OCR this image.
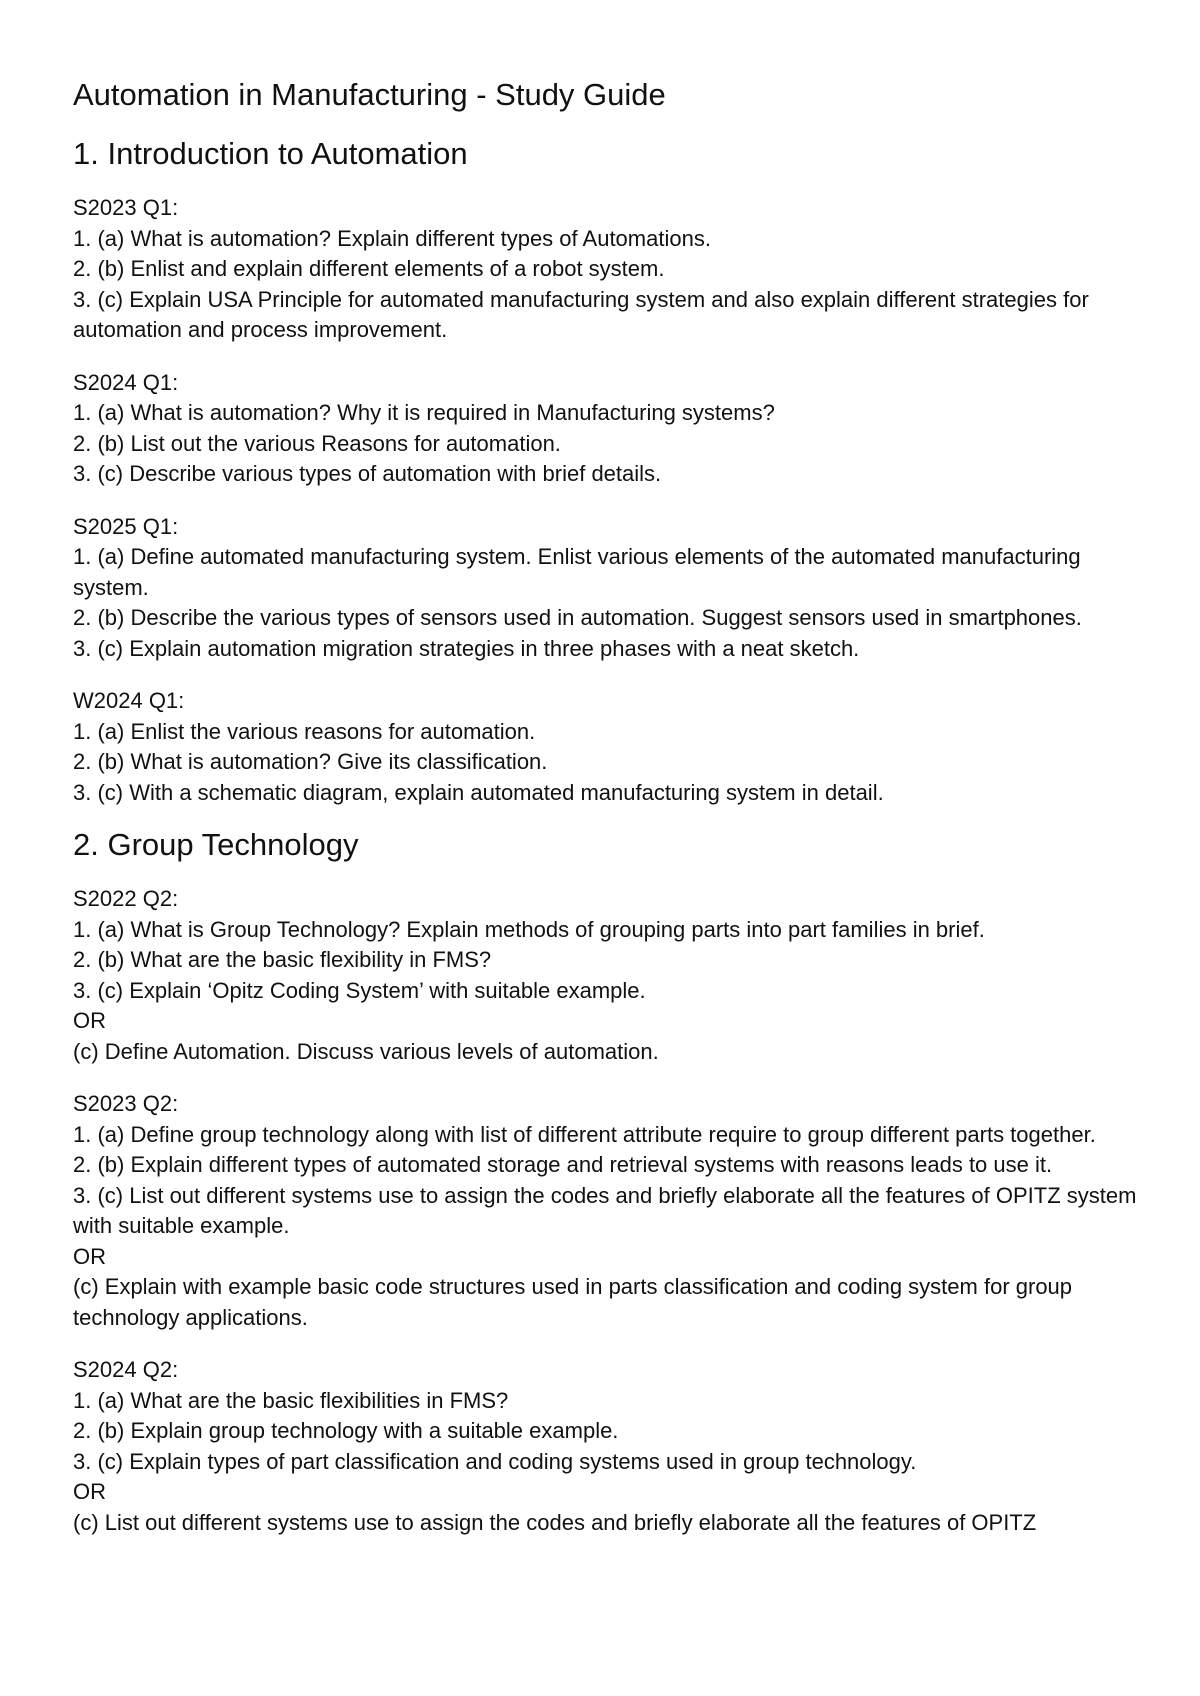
Automation in Manufacturing - Study Guide
1. Introduction to Automation

S2023 Q1:

1. (a) What is automation? Explain different types of Automations.

2. (b) Enlist and explain different elements of a robot system.

3. (c) Explain USA Principle for automated manufacturing system and also explain different strategies for automation and process improvement.

S2024 Q1:

1. (a) What is automation? Why it is required in Manufacturing systems?

2. (b) List out the various Reasons for automation.

3. (c) Describe various types of automation with brief details.

S2025 Q1:

1. (a) Define automated manufacturing system. Enlist various elements of the automated manufacturing system.

2. (b) Describe the various types of sensors used in automation. Suggest sensors used in smartphones.

3. (c) Explain automation migration strategies in three phases with a neat sketch.

W2024 Q1:

1. (a) Enlist the various reasons for automation.

2. (b) What is automation? Give its classification.

3. (c) With a schematic diagram, explain automated manufacturing system in detail.

2. Group Technology

S2022 Q2:

1. (a) What is Group Technology? Explain methods of grouping parts into part families in brief.

2. (b) What are the basic flexibility in FMS?

3. (c) Explain ‘Opitz Coding System’ with suitable example.

OR

(c) Define Automation. Discuss various levels of automation.

S2023 Q2:

1. (a) Define group technology along with list of different attribute require to group different parts together.

2. (b) Explain different types of automated storage and retrieval systems with reasons leads to use it.

3. (c) List out different systems use to assign the codes and briefly elaborate all the features of OPITZ system with suitable example.

OR

(c) Explain with example basic code structures used in parts classification and coding system for group technology applications.

S2024 Q2:

1. (a) What are the basic flexibilities in FMS?

2. (b) Explain group technology with a suitable example.

3. (c) Explain types of part classification and coding systems used in group technology.

OR

(c) List out different systems use to assign the codes and briefly elaborate all the features of OPITZ
